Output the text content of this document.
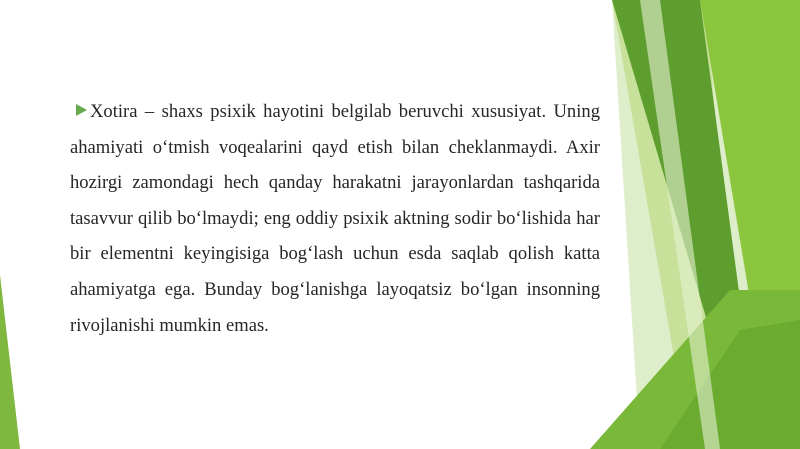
Xotira – shaxs psixik hayotini belgilab beruvchi xususiyat. Uning ahamiyati o‘tmish voqealarini qayd etish bilan cheklanmaydi. Axir hozirgi zamondagi hech qanday harakatni jarayonlardan tashqarida tasavvur qilib bo‘lmaydi; eng oddiy psixik aktning sodir bo‘lishida har bir elementni keyingisiga bog‘lash uchun esda saqlab qolish katta ahamiyatga ega. Bunday bog‘lanishga layoqatsiz bo‘lgan insonning rivojlanishi mumkin emas.
